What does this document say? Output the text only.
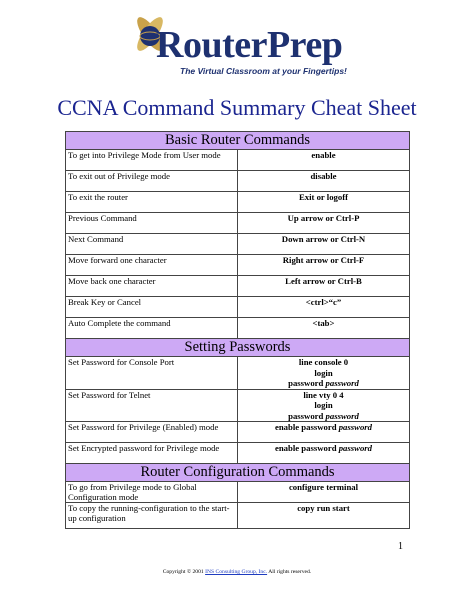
RouterPrep
The Virtual Classroom at your Fingertips!
CCNA Command Summary Cheat Sheet
Basic Router Commands	
To get into Privilege Mode from User mode	enable

To exit out of Privilege mode	disable

To exit the router	Exit or logoff

Previous Command	Up arrow or Ctrl-P

Next Command	Down arrow or Ctrl-N

Move forward one character	Right arrow or Ctrl-F

Move back one character	Left arrow or Ctrl-B

Break Key or Cancel	<ctrl>“c”

Auto Complete the command	<tab>

Setting Passwords	
Set Password for Console Port	line console 0
login
password password

Set Password for Telnet	line vty 0 4
login
password password

Set Password for Privilege (Enabled) mode	enable password password

Set Encrypted password for Privilege mode	enable password password

Router Configuration Commands	
To go from Privilege mode to Global Configuration mode	configure terminal

To copy the running-configuration to the start-up configuration	copy run start
1
Copyright © 2001 INS Consulting Group, Inc. All rights reserved.
